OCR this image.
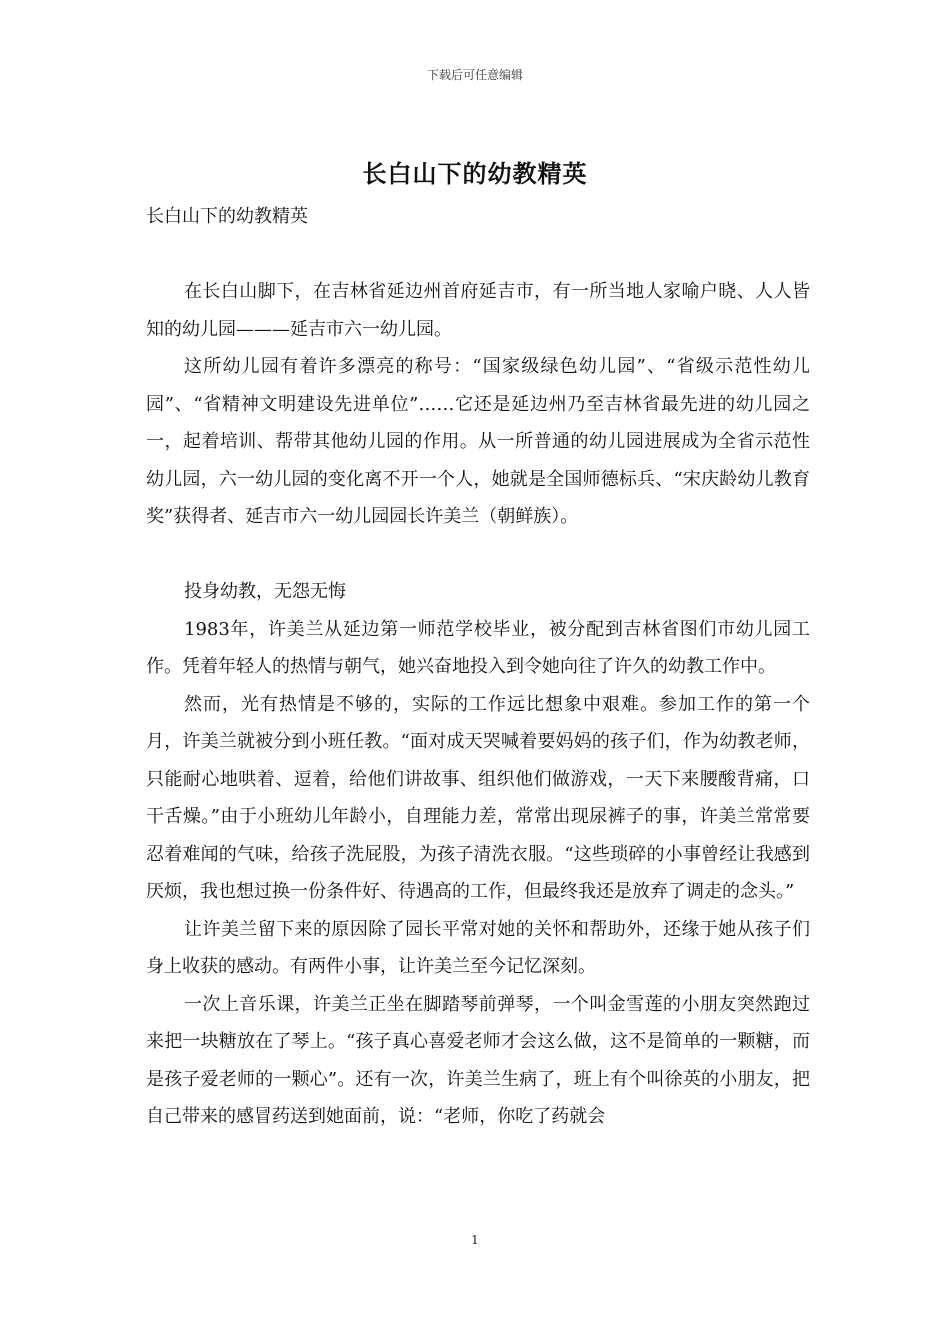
下载后可任意编辑
长白山下的幼教精英

长白山下的幼教精英

在长白山脚下，在吉林省延边州首府延吉市，有一所当地人家喻户晓、人人皆知的幼儿园———延吉市六一幼儿园。

这所幼儿园有着许多漂亮的称号：“国家级绿色幼儿园”、“省级示范性幼儿园”、“省精神文明建设先进单位”……它还是延边州乃至吉林省最先进的幼儿园之一，起着培训、帮带其他幼儿园的作用。从一所普通的幼儿园进展成为全省示范性幼儿园，六一幼儿园的变化离不开一个人，她就是全国师德标兵、“宋庆龄幼儿教育奖”获得者、延吉市六一幼儿园园长许美兰（朝鲜族）。

投身幼教，无怨无悔

1983年，许美兰从延边第一师范学校毕业，被分配到吉林省图们市幼儿园工作。凭着年轻人的热情与朝气，她兴奋地投入到令她向往了许久的幼教工作中。

然而，光有热情是不够的，实际的工作远比想象中艰难。参加工作的第一个月，许美兰就被分到小班任教。“面对成天哭喊着要妈妈的孩子们，作为幼教老师，只能耐心地哄着、逗着，给他们讲故事、组织他们做游戏，一天下来腰酸背痛，口干舌燥。”由于小班幼儿年龄小，自理能力差，常常出现尿裤子的事，许美兰常常要忍着难闻的气味，给孩子洗屁股，为孩子清洗衣服。“这些琐碎的小事曾经让我感到厌烦，我也想过换一份条件好、待遇高的工作，但最终我还是放弃了调走的念头。”

让许美兰留下来的原因除了园长平常对她的关怀和帮助外，还缘于她从孩子们身上收获的感动。有两件小事，让许美兰至今记忆深刻。

一次上音乐课，许美兰正坐在脚踏琴前弹琴，一个叫金雪莲的小朋友突然跑过来把一块糖放在了琴上。“孩子真心喜爱老师才会这么做，这不是简单的一颗糖，而是孩子爱老师的一颗心”。还有一次，许美兰生病了，班上有个叫徐英的小朋友，把自己带来的感冒药送到她面前，说：“老师，你吃了药就会

1
